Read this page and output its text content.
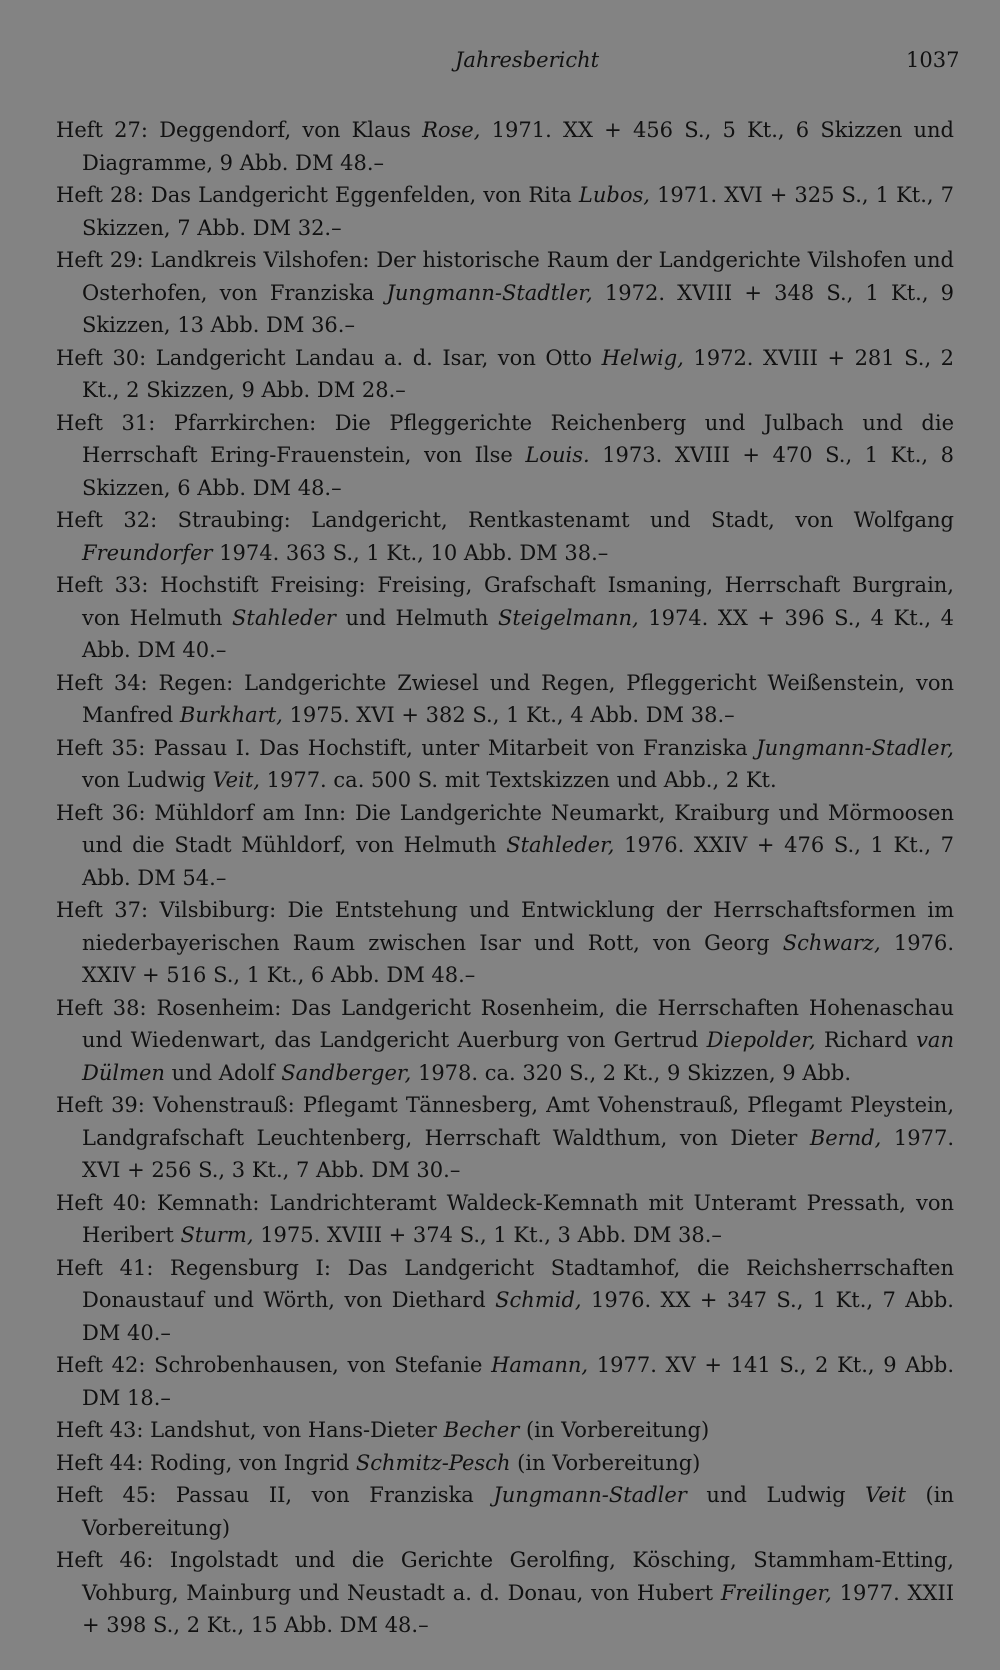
Jahresbericht	1037

Heft 27: Deggendorf, von Klaus Rose, 1971. XX + 456 S., 5 Kt., 6 Skizzen und Diagramme, 9 Abb. DM 48.–

Heft 28: Das Landgericht Eggenfelden, von Rita Lubos, 1971. XVI + 325 S., 1 Kt., 7 Skizzen, 7 Abb. DM 32.–

Heft 29: Landkreis Vilshofen: Der historische Raum der Landgerichte Vilshofen und Osterhofen, von Franziska Jungmann-Stadtler, 1972. XVIII + 348 S., 1 Kt., 9 Skizzen, 13 Abb. DM 36.–

Heft 30: Landgericht Landau a. d. Isar, von Otto Helwig, 1972. XVIII + 281 S., 2 Kt., 2 Skizzen, 9 Abb. DM 28.–

Heft 31: Pfarrkirchen: Die Pfleggerichte Reichenberg und Julbach und die Herrschaft Ering-Frauenstein, von Ilse Louis. 1973. XVIII + 470 S., 1 Kt., 8 Skizzen, 6 Abb. DM 48.–

Heft 32: Straubing: Landgericht, Rentkastenamt und Stadt, von Wolfgang Freundorfer 1974. 363 S., 1 Kt., 10 Abb. DM 38.–

Heft 33: Hochstift Freising: Freising, Grafschaft Ismaning, Herrschaft Burgrain, von Helmuth Stahleder und Helmuth Steigelmann, 1974. XX + 396 S., 4 Kt., 4 Abb. DM 40.–

Heft 34: Regen: Landgerichte Zwiesel und Regen, Pfleggericht Weißenstein, von Manfred Burkhart, 1975. XVI + 382 S., 1 Kt., 4 Abb. DM 38.–

Heft 35: Passau I. Das Hochstift, unter Mitarbeit von Franziska Jungmann-Stadler, von Ludwig Veit, 1977. ca. 500 S. mit Textskizzen und Abb., 2 Kt.

Heft 36: Mühldorf am Inn: Die Landgerichte Neumarkt, Kraiburg und Mörmoosen und die Stadt Mühldorf, von Helmuth Stahleder, 1976. XXIV + 476 S., 1 Kt., 7 Abb. DM 54.–

Heft 37: Vilsbiburg: Die Entstehung und Entwicklung der Herrschaftsformen im niederbayerischen Raum zwischen Isar und Rott, von Georg Schwarz, 1976. XXIV + 516 S., 1 Kt., 6 Abb. DM 48.–

Heft 38: Rosenheim: Das Landgericht Rosenheim, die Herrschaften Hohenaschau und Wiedenwart, das Landgericht Auerburg von Gertrud Diepolder, Richard van Dülmen und Adolf Sandberger, 1978. ca. 320 S., 2 Kt., 9 Skizzen, 9 Abb.

Heft 39: Vohenstrauß: Pflegamt Tännesberg, Amt Vohenstrauß, Pflegamt Pleystein, Landgrafschaft Leuchtenberg, Herrschaft Waldthum, von Dieter Bernd, 1977. XVI + 256 S., 3 Kt., 7 Abb. DM 30.–

Heft 40: Kemnath: Landrichteramt Waldeck-Kemnath mit Unteramt Pressath, von Heribert Sturm, 1975. XVIII + 374 S., 1 Kt., 3 Abb. DM 38.–

Heft 41: Regensburg I: Das Landgericht Stadtamhof, die Reichsherrschaften Donaustauf und Wörth, von Diethard Schmid, 1976. XX + 347 S., 1 Kt., 7 Abb. DM 40.–

Heft 42: Schrobenhausen, von Stefanie Hamann, 1977. XV + 141 S., 2 Kt., 9 Abb. DM 18.–

Heft 43: Landshut, von Hans-Dieter Becher (in Vorbereitung)

Heft 44: Roding, von Ingrid Schmitz-Pesch (in Vorbereitung)

Heft 45: Passau II, von Franziska Jungmann-Stadler und Ludwig Veit (in Vorbereitung)

Heft 46: Ingolstadt und die Gerichte Gerolfing, Kösching, Stammham-Etting, Vohburg, Mainburg und Neustadt a. d. Donau, von Hubert Freilinger, 1977. XXII + 398 S., 2 Kt., 15 Abb. DM 48.–
